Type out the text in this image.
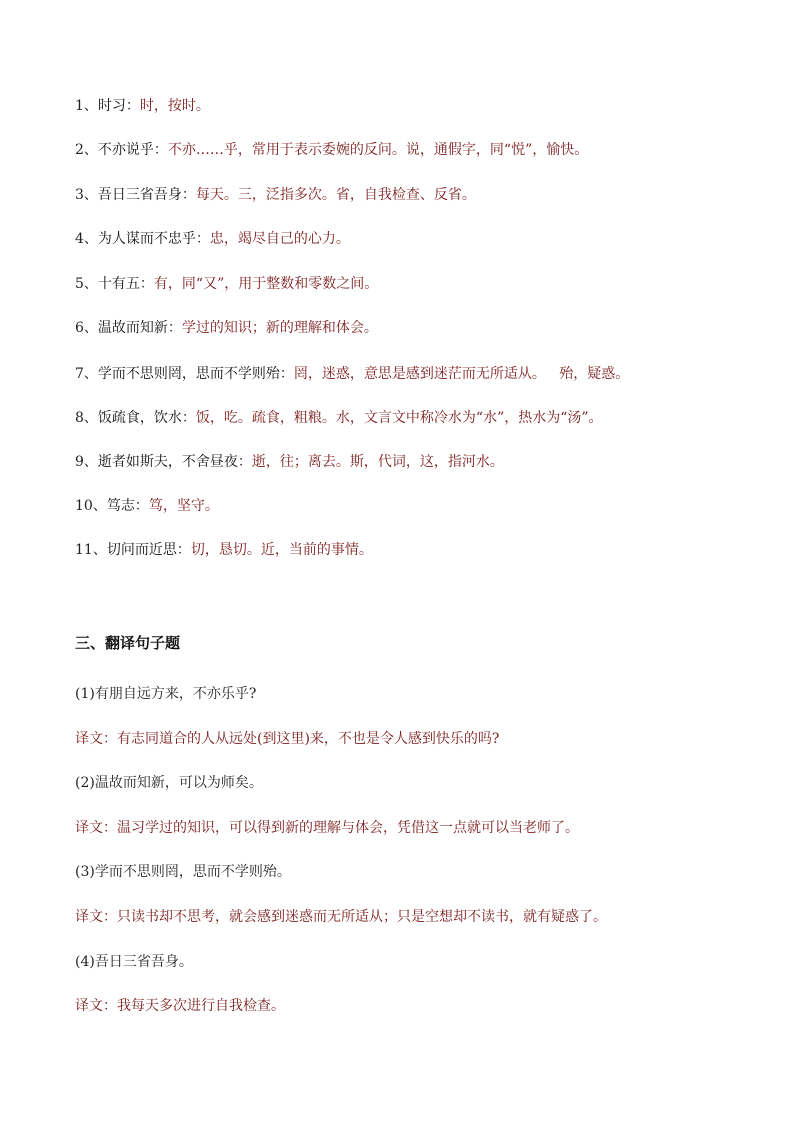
1、时习：时，按时。
2、不亦说乎：不亦……乎，常用于表示委婉的反问。说，通假字，同“悦”，愉快。
3、吾日三省吾身：每天。三，泛指多次。省，自我检查、反省。
4、为人谋而不忠乎：忠，竭尽自己的心力。
5、十有五：有，同“又”，用于整数和零数之间。
6、温故而知新：学过的知识；新的理解和体会。
7、学而不思则罔，思而不学则殆：罔，迷惑，意思是感到迷茫而无所适从。   殆，疑惑。
8、饭疏食，饮水：饭，吃。疏食，粗粮。水，文言文中称冷水为“水”，热水为“汤”。
9、逝者如斯夫，不舍昼夜：逝，往；离去。斯，代词，这，指河水。
10、笃志：笃，坚守。
11、切问而近思：切，恳切。近，当前的事情。
三、翻译句子题
(1)有朋自远方来，不亦乐乎?
译文：有志同道合的人从远处(到这里)来，不也是令人感到快乐的吗?
(2)温故而知新，可以为师矣。
译文：温习学过的知识，可以得到新的理解与体会，凭借这一点就可以当老师了。
(3)学而不思则罔，思而不学则殆。
译文：只读书却不思考，就会感到迷惑而无所适从；只是空想却不读书，就有疑惑了。
(4)吾日三省吾身。
译文：我每天多次进行自我检查。
